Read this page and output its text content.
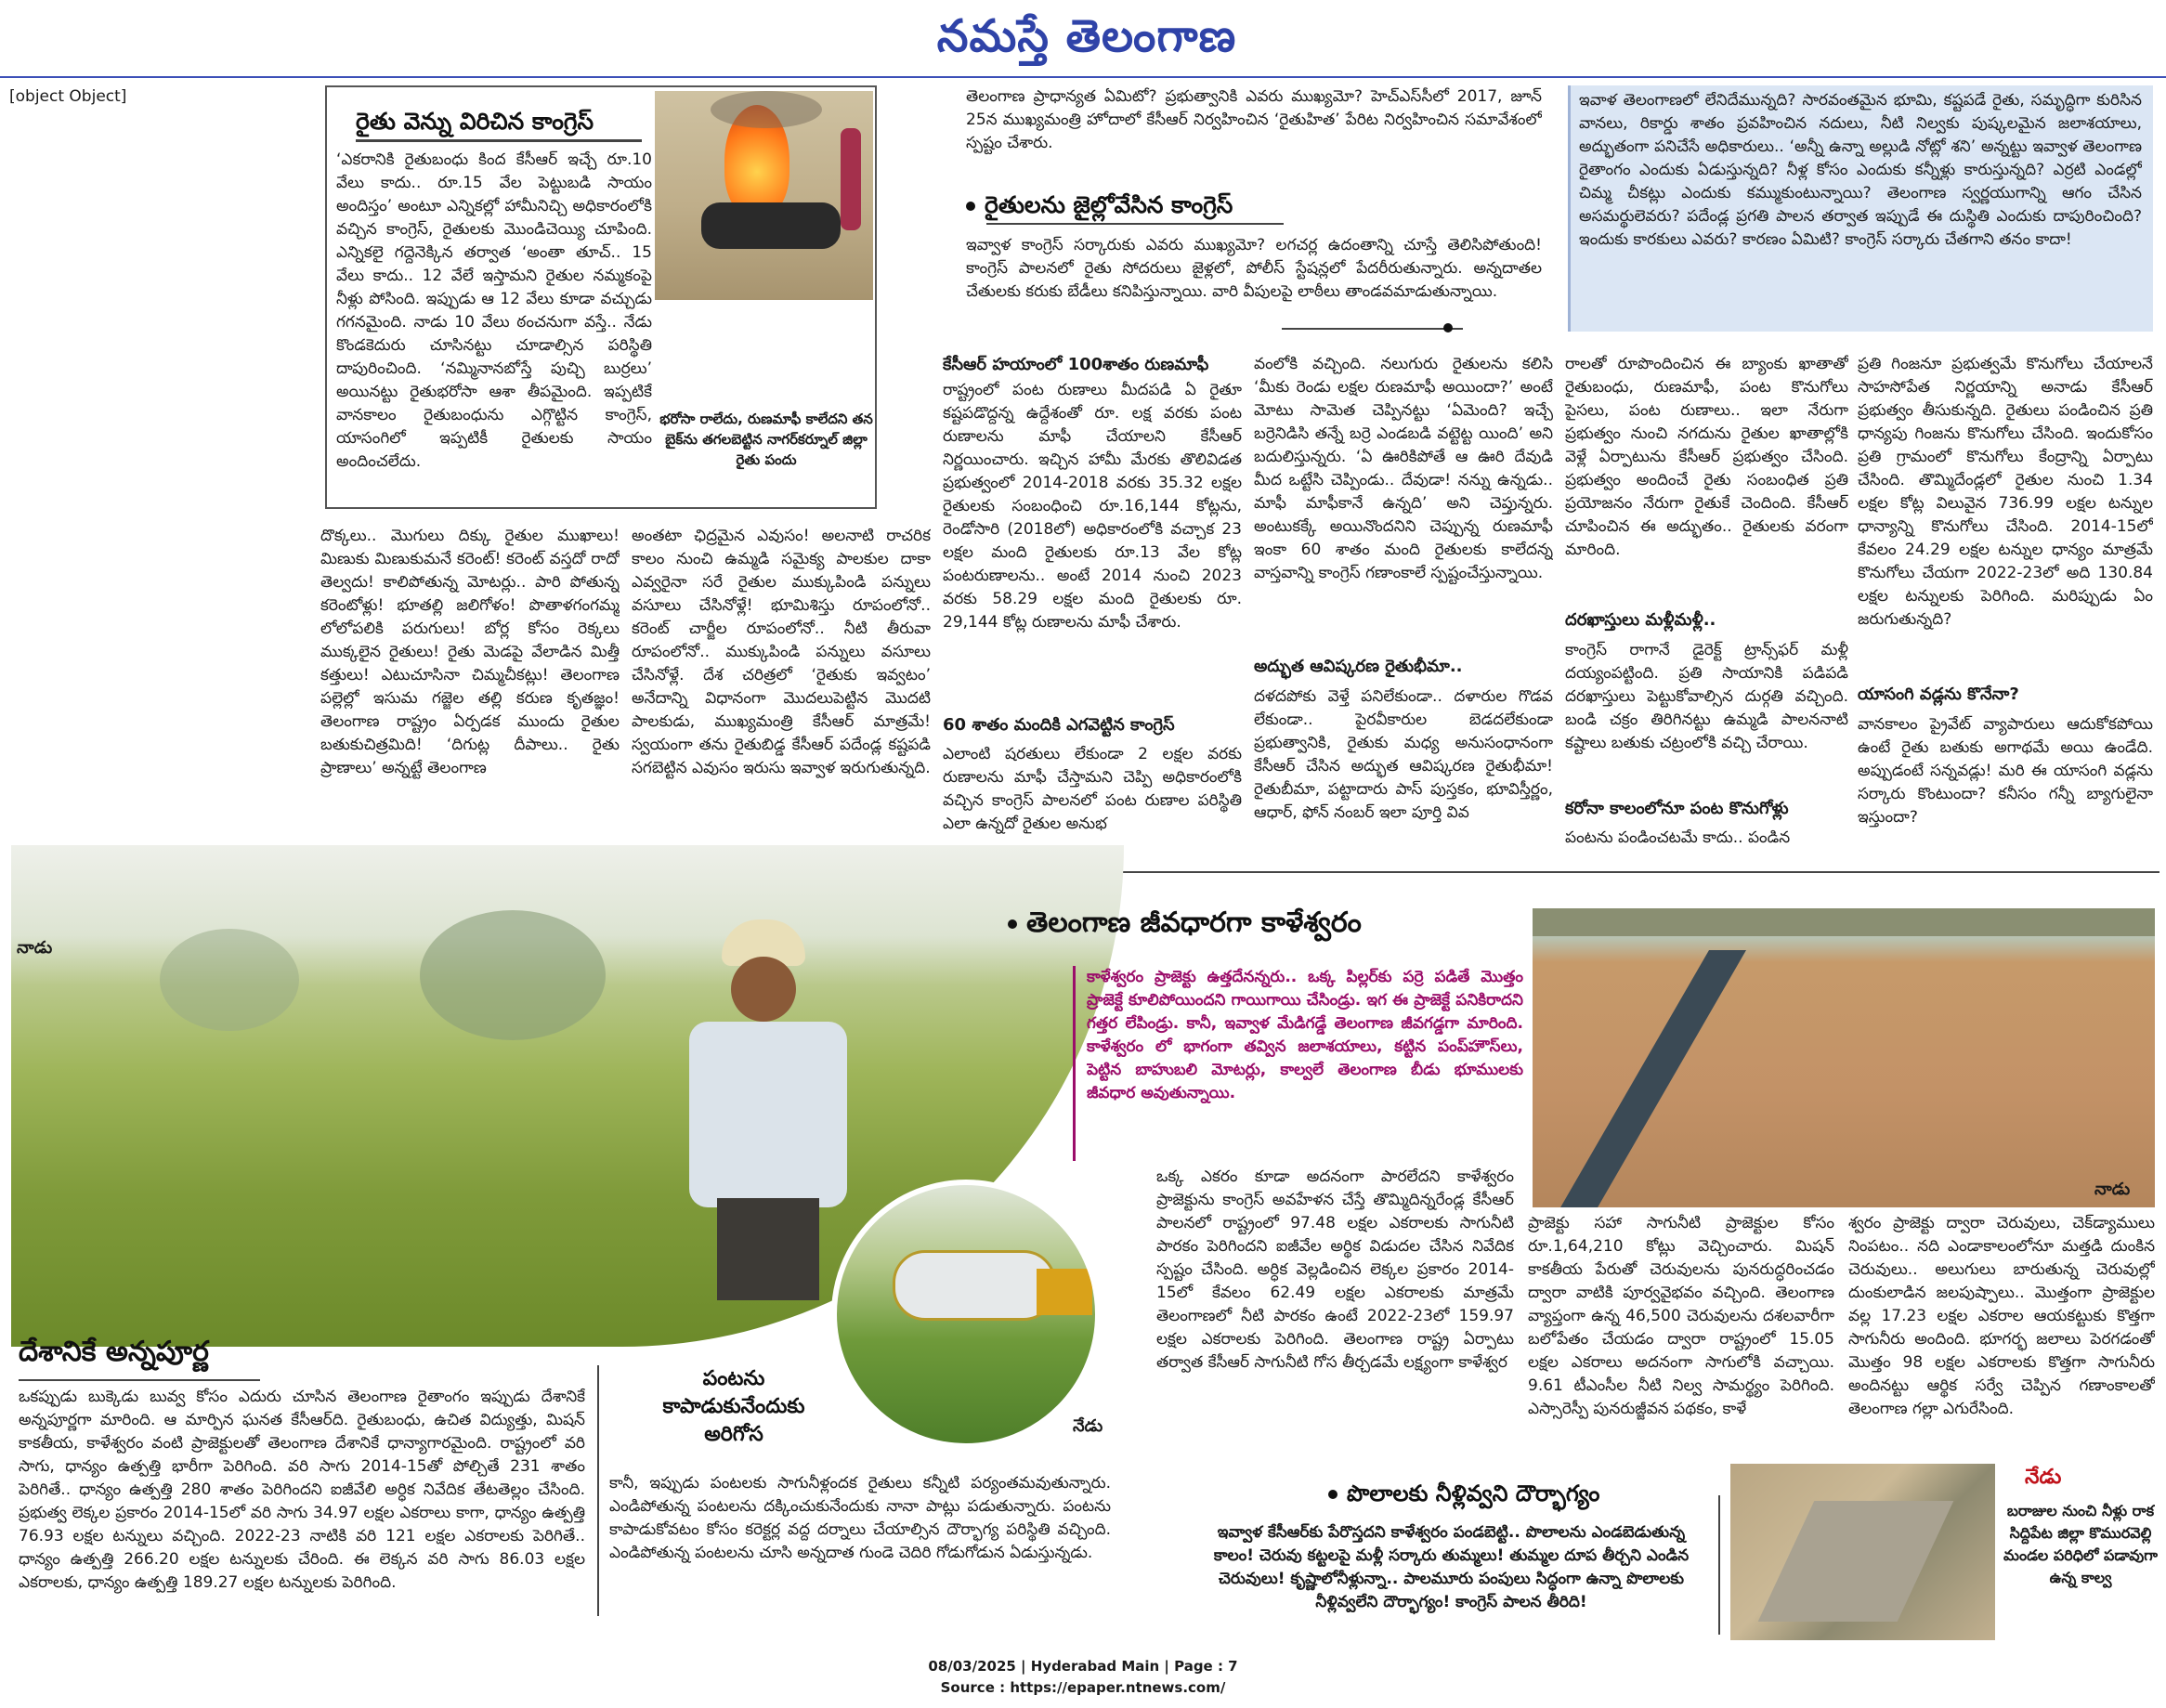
నమస్తే తెలంగాణ
[object Object]
రైతు వెన్ను విరిచిన కాంగ్రెస్
‘ఎకరానికి రైతుబంధు కింద కేసీఆర్ ఇచ్చే రూ.10 వేలు కాదు.. రూ.15 వేల పెట్టుబడి సాయం అందిస్తం’ అంటూ ఎన్నికల్లో హామీనిచ్చి అధికారంలోకి వచ్చిన కాంగ్రెస్, రైతులకు మొండిచెయ్యి చూపింది. ఎన్నికలై గద్దెనెక్కిన తర్వాత ‘అంతా తూచ్.. 15 వేలు కాదు.. 12 వేలే ఇస్తామని రైతుల నమ్మకంపై నీళ్లు పోసింది. ఇప్పుడు ఆ 12 వేలు కూడా వచ్చుడు గగనమైంది. నాడు 10 వేలు ఠంచనుగా వస్తే.. నేడు కొండకెదురు చూసినట్టు చూడాల్సిన పరిస్థితి దాపురించింది. ‘నమ్మినానబోస్తే పుచ్చి బుర్రలు’ అయినట్టు రైతుభరోసా ఆశా తీపమైంది. ఇప్పటికే వానకాలం రైతుబంధును ఎగ్గొట్టిన కాంగ్రెస్, యాసంగిలో ఇప్పటికీ రైతులకు సాయం అందించలేదు.
భరోసా రాలేదు, రుణమాఫీ కాలేదని తన బైక్‌ను తగలబెట్టిన నాగర్‌కర్నూల్ జిల్లా రైతు పందు
తెలంగాణ ప్రాధాన్యత ఏమిటో? ప్రభుత్వానికి ఎవరు ముఖ్యమో? హెచ్‌ఎస్‌సీలో 2017, జూన్ 25న ముఖ్యమంత్రి హోదాలో కేసీఆర్ నిర్వహించిన ‘రైతుహిత’ పేరిట నిర్వహించిన సమావేశంలో స్పష్టం చేశారు.
రైతులను జైల్లోవేసిన కాంగ్రెస్
ఇవ్వాళ కాంగ్రెస్ సర్కారుకు ఎవరు ముఖ్యమో? లగచర్ల ఉదంతాన్ని చూస్తే తెలిసిపోతుంది! కాంగ్రెస్ పాలనలో రైతు సోదరులు జైళ్లలో, పోలీస్ స్టేషన్లలో పేదరీరుతున్నారు. అన్నదాతల చేతులకు కరుకు బేడీలు కనిపిస్తున్నాయి. వారి వీపులపై లాఠీలు తాండవమాడుతున్నాయి.
ఇవాళ తెలంగాణలో లేనిదేమున్నది? సారవంతమైన భూమి, కష్టపడే రైతు, సమృద్ధిగా కురిసిన వానలు, రికార్డు శాతం ప్రవహించిన నదులు, నీటి నిల్వకు పుష్కలమైన జలాశయాలు, అద్భుతంగా పనిచేసే అధికారులు.. ‘అన్నీ ఉన్నా అల్లుడి నోట్లో శని’ అన్నట్టు ఇవ్వాళ తెలంగాణ రైతాంగం ఎందుకు ఏడుస్తున్నది? నీళ్ల కోసం ఎందుకు కన్నీళ్లు కారుస్తున్నది? ఎర్రటి ఎండల్లో చిమ్మ చీకట్లు ఎందుకు కమ్ముకుంటున్నాయి? తెలంగాణ స్వర్ణయుగాన్ని ఆగం చేసిన అసమర్థులెవరు? పదేండ్ల ప్రగతి పాలన తర్వాత ఇప్పుడే ఈ దుస్థితి ఎందుకు దాపురించింది? ఇందుకు కారకులు ఎవరు? కారణం ఏమిటి? కాంగ్రెస్ సర్కారు చేతగాని తనం కాదా!
దొక్కలు.. మొగులు దిక్కు రైతుల ముఖాలు! మిణుకు మిణుకుమనే కరెంట్! కరెంట్ వస్తదో రాదో తెల్వదు! కాలిపోతున్న మోటర్లు.. పారి పోతున్న కరెంటోళ్లు! భూతల్లి జలిగోళం! పొతాళగంగమ్మ లోలోపలికి పరుగులు! బోర్ల కోసం రెక్కలు ముక్కలైన రైతులు! రైతు మెడపై వేలాడిన మిత్తీ కత్తులు! ఎటుచూసినా చిమ్మచీకట్లు! తెలంగాణ పల్లెల్లో ఇసుమ గజ్జెల తల్లి కరుణ కృతజ్ఞం! తెలంగాణ రాష్ట్రం ఏర్పడక ముందు రైతుల బతుకుచిత్రమిది! ‘దిగుట్ల దీపాలు.. రైతు ప్రాణాలు’ అన్నట్టే తెలంగాణ
అంతటా ఛిద్రమైన ఎవుసం! అలనాటి రాచరిక కాలం నుంచి ఉమ్మడి సమైక్య పాలకుల దాకా ఎవ్వరైనా సరే రైతుల ముక్కుపిండి పన్నులు వసూలు చేసినోళ్లే! భూమిశిస్తు రూపంలోనో.. కరెంట్ చార్జీల రూపంలోనో.. నీటి తీరువా రూపంలోనో.. ముక్కుపిండి పన్నులు వసూలు చేసినోళ్లే. దేశ చరిత్రలో ‘రైతుకు ఇవ్వటం’ అనేదాన్ని విధానంగా మొదలుపెట్టిన మొదటి పాలకుడు, ముఖ్యమంత్రి కేసీఆర్ మాత్రమే! స్వయంగా తను రైతుబిడ్డ కేసీఆర్ పదేండ్ల కష్టపడి సగబెట్టిన ఎవుసం ఇరుసు ఇవ్వాళ ఇరుగుతున్నది.
కేసీఆర్ హయాంలో 100శాతం రుణమాఫీ
రాష్ట్రంలో పంట రుణాలు మీదపడి ఏ రైతూ కష్టపడొద్దన్న ఉద్దేశంతో రూ. లక్ష వరకు పంట రుణాలను మాఫీ చేయాలని కేసీఆర్ నిర్ణయించారు. ఇచ్చిన హామీ మేరకు తొలివిడత ప్రభుత్వంలో 2014-2018 వరకు 35.32 లక్షల రైతులకు సంబంధించి రూ.16,144 కోట్లను, రెండోసారి (2018లో) అధికారంలోకి వచ్చాక 23 లక్షల మంది రైతులకు రూ.13 వేల కోట్ల పంటరుణాలను.. అంటే 2014 నుంచి 2023 వరకు 58.29 లక్షల మంది రైతులకు రూ. 29,144 కోట్ల రుణాలను మాఫీ చేశారు.
60 శాతం మందికి ఎగవెట్టిన కాంగ్రెస్
ఎలాంటి షరతులు లేకుండా 2 లక్షల వరకు రుణాలను మాఫీ చేస్తామని చెప్పి అధికారంలోకి వచ్చిన కాంగ్రెస్ పాలనలో పంట రుణాల పరిస్థితి ఎలా ఉన్నదో రైతుల అనుభ
వంలోకి వచ్చింది. నలుగురు రైతులను కలిసి ‘మీకు రెండు లక్షల రుణమాఫీ అయిందా?’ అంటే మోటు సామెత చెప్పినట్టు ‘ఏమెంది? ఇచ్చే బర్రెనిడిసి తన్నే బర్రె ఎండబడి వట్టెట్ట యింది’ అని బదులిస్తున్నరు. ‘ఏ ఊరికిపోతే ఆ ఊరి దేవుడి మీద ఒట్టేసి చెప్పిండు.. దేవుడా! నన్ను ఉన్నడు.. మాఫీ మాఫీకానే ఉన్నది’ అని చెప్తున్నరు. అంటుకక్కే అయినొందనిని చెప్పున్న రుణమాఫీ ఇంకా 60 శాతం మంది రైతులకు కాలేదన్న వాస్తవాన్ని కాంగ్రెస్ గణాంకాలే స్పష్టంచేస్తున్నాయి.
అద్భుత ఆవిష్కరణ రైతుభీమా..
దళదపోకు వెళ్తే పనిలేకుండా.. దళారుల గొడవ లేకుండా.. పైరవీకారుల బెడదలేకుండా ప్రభుత్వానికి, రైతుకు మధ్య అనుసంధానంగా కేసీఆర్ చేసిన అద్భుత ఆవిష్కరణ రైతుభీమా! రైతుబీమా, పట్టాదారు పాస్ పుస్తకం, భూవిస్తీర్ణం, ఆధార్, ఫోన్ నంబర్ ఇలా పూర్తి వివ
రాలతో రూపొందించిన ఈ బ్యాంకు ఖాతాతో రైతుబంధు, రుణమాఫీ, పంట కొనుగోలు పైసలు, పంట రుణాలు.. ఇలా నేరుగా ప్రభుత్వం నుంచి నగదును రైతుల ఖాతాల్లోకి వెళ్లే ఏర్పాటును కేసీఆర్ ప్రభుత్వం చేసింది. ప్రభుత్వం అందించే రైతు సంబంధిత ప్రతి ప్రయోజనం నేరుగా రైతుకే చెందింది. కేసీఆర్ చూపించిన ఈ అద్భుతం.. రైతులకు వరంగా మారింది.
దరఖాస్తులు మళ్లీమళ్లీ..
కాంగ్రెస్ రాగానే డైరెక్ట్ ట్రాన్స్‌ఫర్ మళ్లీ దయ్యంపట్టింది. ప్రతి సాయానికి పడిపడి దరఖాస్తులు పెట్టుకోవాల్సిన దుర్గతి వచ్చింది. బండి చక్రం తిరిగినట్టు ఉమ్మడి పాలననాటి కష్టాలు బతుకు చట్రంలోకి వచ్చి చేరాయి.
కరోనా కాలంలోనూ పంట కొనుగోళ్లు
పంటను పండించటమే కాదు.. పండిన
ప్రతి గింజనూ ప్రభుత్వమే కొనుగోలు చేయాలనే సాహసోపేత నిర్ణయాన్ని అనాడు కేసీఆర్ ప్రభుత్వం తీసుకున్నది. రైతులు పండించిన ప్రతి ధాన్యపు గింజను కొనుగోలు చేసింది. ఇందుకోసం ప్రతి గ్రామంలో కొనుగోలు కేంద్రాన్ని ఏర్పాటు చేసింది. తొమ్మిదేండ్లలో రైతుల నుంచి 1.34 లక్షల కోట్ల విలువైన 736.99 లక్షల టన్నుల ధాన్యాన్ని కొనుగోలు చేసింది. 2014-15లో కేవలం 24.29 లక్షల టన్నుల ధాన్యం మాత్రమే కొనుగోలు చేయగా 2022-23లో అది 130.84 లక్షల టన్నులకు పెరిగింది. మరిప్పుడు ఏం జరుగుతున్నది?
యాసంగి వడ్లను కొనేనా?
వానకాలం ప్రైవేట్ వ్యాపారులు ఆదుకోకపోయి ఉంటే రైతు బతుకు అగాథమే అయి ఉండేది. అప్పుడంటే సన్నవడ్లు! మరి ఈ యాసంగి వడ్లను సర్కారు కొంటుందా? కనీసం గన్నీ బ్యాగులైనా ఇస్తుందా?
నాడు
నేడు
దేశానికే అన్నపూర్ణ
ఒకప్పుడు బుక్కెడు బువ్వ కోసం ఎదురు చూసిన తెలంగాణ రైతాంగం ఇప్పుడు దేశానికే అన్నపూర్ణగా మారింది. ఆ మార్పిన ఘనత కేసీఆర్‌ది. రైతుబంధు, ఉచిత విద్యుత్తు, మిషన్ కాకతీయ, కాళేశ్వరం వంటి ప్రాజెక్టులతో తెలంగాణ దేశానికే ధాన్యాగారమైంది. రాష్ట్రంలో వరి సాగు, ధాన్యం ఉత్పత్తి భారీగా పెరిగింది. వరి సాగు 2014-15తో పోల్చితే 231 శాతం పెరిగితే.. ధాన్యం ఉత్పత్తి 280 శాతం పెరిగిందని ఐజీవేలి అర్ధిక నివేదిక తేటతెల్లం చేసింది. ప్రభుత్వ లెక్కల ప్రకారం 2014-15లో వరి సాగు 34.97 లక్షల ఎకరాలు కాగా, ధాన్యం ఉత్పత్తి 76.93 లక్షల టన్నులు వచ్చింది. 2022-23 నాటికి వరి 121 లక్షల ఎకరాలకు పెరిగితే.. ధాన్యం ఉత్పత్తి 266.20 లక్షల టన్నులకు చేరింది. ఈ లెక్కన వరి సాగు 86.03 లక్షల ఎకరాలకు, ధాన్యం ఉత్పత్తి 189.27 లక్షల టన్నులకు పెరిగింది.
పంటను కాపాడుకునేందుకు అరిగోస
కానీ, ఇప్పుడు పంటలకు సాగునీళ్లందక రైతులు కన్నీటి పర్యంతమవుతున్నారు. ఎండిపోతున్న పంటలను దక్కించుకునేందుకు నానా పాట్లు పడుతున్నారు. పంటను కాపాడుకోవటం కోసం కరెక్టర్ల వద్ద దర్నాలు చేయాల్సిన దౌర్భాగ్య పరిస్థితి వచ్చింది. ఎండిపోతున్న పంటలను చూసి అన్నదాత గుండె చెదిరి గోడుగోడున ఏడుస్తున్నడు.
తెలంగాణ జీవధారగా కాళేశ్వరం
కాళేశ్వరం ప్రాజెక్టు ఉత్తదేనన్నరు.. ఒక్క పిల్లర్‌కు పర్రె పడితే మొత్తం ప్రాజెక్టే కూలిపోయిందని గాయిగాయి చేసిండ్రు. ఇగ ఈ ప్రాజెక్టే పనికిరాదని గత్తర లేపిండ్రు. కానీ, ఇవ్వాళ మేడిగడ్డే తెలంగాణ జీవగడ్డగా మారింది. కాళేశ్వరం లో భాగంగా తవ్విన జలాశయాలు, కట్టిన పంప్‌హౌస్‌లు, పెట్టిన బాహుబలి మోటర్లు, కాల్వలే తెలంగాణ బీడు భూములకు జీవధార అవుతున్నాయి.
నాడు
ఒక్క ఎకరం కూడా అదనంగా పారలేదని కాళేశ్వరం ప్రాజెక్టును కాంగ్రెస్ అవహేళన చేస్తే తొమ్మిదిన్నరేండ్ల కేసీఆర్ పాలనలో రాష్ట్రంలో 97.48 లక్షల ఎకరాలకు సాగునీటి పారకం పెరిగిందని ఐజీవేల అర్థిక విడుదల చేసిన నివేదిక స్పష్టం చేసింది. అర్ధిక వెల్లడించిన లెక్కల ప్రకారం 2014-15లో కేవలం 62.49 లక్షల ఎకరాలకు మాత్రమే తెలంగాణలో నీటి పారకం ఉంటే 2022-23లో 159.97 లక్షల ఎకరాలకు పెరిగింది. తెలంగాణ రాష్ట్ర ఏర్పాటు తర్వాత కేసీఆర్ సాగునీటి గోస తీర్చడమే లక్ష్యంగా కాళేశ్వర
ప్రాజెక్టు సహా సాగునీటి ప్రాజెక్టుల కోసం రూ.1,64,210 కోట్లు వెచ్చించారు. మిషన్ కాకతీయ పేరుతో చెరువులను పునరుద్ధరించడం ద్వారా వాటికి పూర్వవైభవం వచ్చింది. తెలంగాణ వ్యాప్తంగా ఉన్న 46,500 చెరువులను దశలవారీగా బలోపేతం చేయడం ద్వారా రాష్ట్రంలో 15.05 లక్షల ఎకరాలు అదనంగా సాగులోకి వచ్చాయి. 9.61 టీఎంసీల నీటి నిల్వ సామర్థ్యం పెరిగింది. ఎస్సారెస్పీ పునరుజ్జీవన పథకం, కాళే
శ్వరం ప్రాజెక్టు ద్వారా చెరువులు, చెక్‌డ్యాములు నింపటం.. నది ఎండాకాలంలోనూ మత్తడి దుంకిన చెరువులు.. అలుగులు బారుతున్న చెరువుల్లో దుంకులాడిన జలపుష్పాలు.. మొత్తంగా ప్రాజెక్టుల వల్ల 17.23 లక్షల ఎకరాల ఆయకట్టుకు కొత్తగా సాగునీరు అందింది. భూగర్భ జలాలు పెరగడంతో మొత్తం 98 లక్షల ఎకరాలకు కొత్తగా సాగునీరు అందినట్టు ఆర్థిక సర్వే చెప్పిన గణాంకాలతో తెలంగాణ గల్లా ఎగురేసింది.
పొలాలకు నీళ్లివ్వని దౌర్భాగ్యం
ఇవ్వాళ కేసీఆర్‌కు పేరొస్తదని కాళేశ్వరం పండబెట్టి.. పొలాలను ఎండబెడుతున్న కాలం! చెరువు కట్టలపై మళ్లీ సర్కారు తుమ్మలు! తుమ్మల దూప తీర్చని ఎండిన చెరువులు! కృష్ణాలోనీళ్లున్నా.. పాలమూరు పంపులు సిద్ధంగా ఉన్నా పొలాలకు నీళ్లివ్వలేని దౌర్భాగ్యం! కాంగ్రెస్ పాలన తీరిది!
నేడు
బరాజుల నుంచి నీళ్లు రాక సిద్దిపేట జిల్లా కొమురవెల్లి మండల పరిధిలో పడావుగా ఉన్న కాల్వ
08/03/2025 | Hyderabad Main | Page : 7
Source : https://epaper.ntnews.com/
